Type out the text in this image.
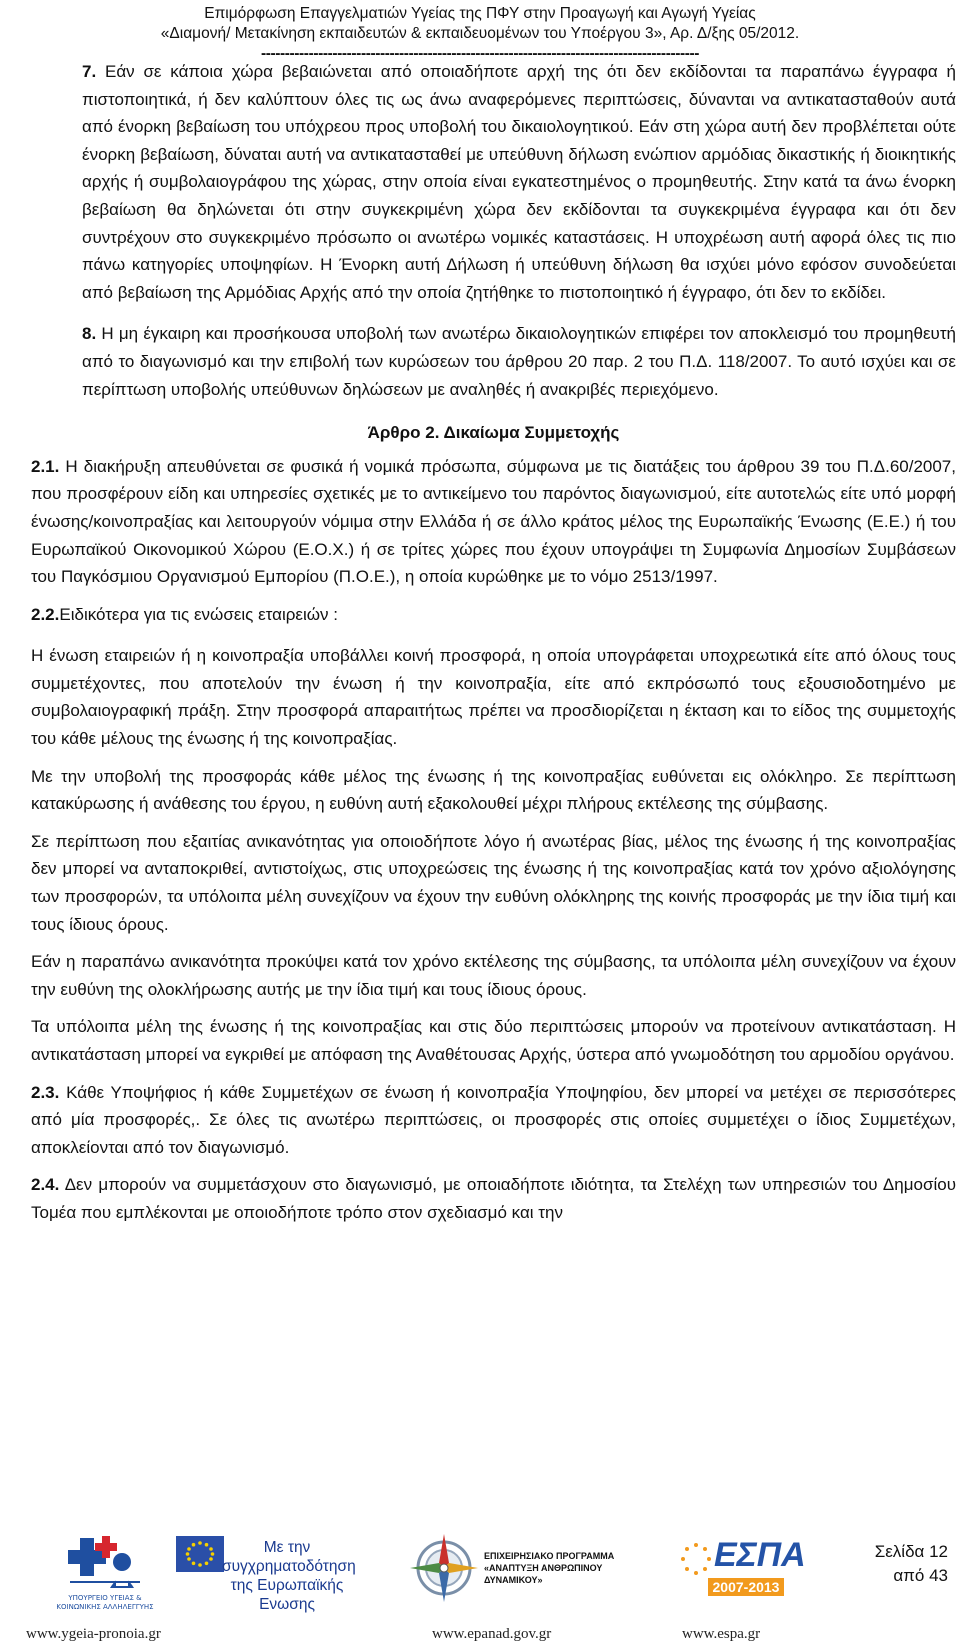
Επιμόρφωση Επαγγελματιών Υγείας της ΠΦΥ στην Προαγωγή και Αγωγή Υγείας
«Διαμονή/ Μετακίνηση εκπαιδευτών & εκπαιδευομένων του Υποέργου 3», Αρ. Δ/ξης 05/2012.
--------------------------------------------------------------------------------------------

7. Εάν σε κάποια χώρα βεβαιώνεται από οποιαδήποτε αρχή της ότι δεν εκδίδονται τα παραπάνω έγγραφα ή πιστοποιητικά, ή δεν καλύπτουν όλες τις ως άνω αναφερόμενες περιπτώσεις, δύνανται να αντικατασταθούν αυτά από ένορκη βεβαίωση του υπόχρεου προς υποβολή του δικαιολογητικού. Εάν στη χώρα αυτή δεν προβλέπεται ούτε ένορκη βεβαίωση, δύναται αυτή να αντικατασταθεί με υπεύθυνη δήλωση ενώπιον αρμόδιας δικαστικής ή διοικητικής αρχής ή συμβολαιογράφου της χώρας, στην οποία είναι εγκατεστημένος ο προμηθευτής. Στην κατά τα άνω ένορκη βεβαίωση θα δηλώνεται ότι στην συγκεκριμένη χώρα δεν εκδίδονται τα συγκεκριμένα έγγραφα και ότι δεν συντρέχουν στο συγκεκριμένο πρόσωπο οι ανωτέρω νομικές καταστάσεις. Η υποχρέωση αυτή αφορά όλες τις πιο πάνω κατηγορίες υποψηφίων. Η Ένορκη αυτή Δήλωση ή υπεύθυνη δήλωση θα ισχύει μόνο εφόσον συνοδεύεται από βεβαίωση της Αρμόδιας Αρχής από την οποία ζητήθηκε το πιστοποιητικό ή έγγραφο, ότι δεν το εκδίδει.

8. Η μη έγκαιρη και προσήκουσα υποβολή των ανωτέρω δικαιολογητικών επιφέρει τον αποκλεισμό του προμηθευτή από το διαγωνισμό και την επιβολή των κυρώσεων του άρθρου 20 παρ. 2 του Π.Δ. 118/2007. Το αυτό ισχύει και σε περίπτωση υποβολής υπεύθυνων δηλώσεων με αναληθές ή ανακριβές περιεχόμενο.

Άρθρο 2. Δικαίωμα Συμμετοχής

2.1. Η διακήρυξη απευθύνεται σε φυσικά ή νομικά πρόσωπα, σύμφωνα με τις διατάξεις του άρθρου 39 του Π.Δ.60/2007, που προσφέρουν είδη και υπηρεσίες σχετικές με το αντικείμενο του παρόντος διαγωνισμού, είτε αυτοτελώς είτε υπό μορφή ένωσης/κοινοπραξίας και λειτουργούν νόμιμα στην Ελλάδα ή σε άλλο κράτος μέλος της Ευρωπαϊκής Ένωσης (Ε.Ε.) ή του Ευρωπαϊκού Οικονομικού Χώρου (Ε.Ο.Χ.) ή σε τρίτες χώρες που έχουν υπογράψει τη Συμφωνία Δημοσίων Συμβάσεων του Παγκόσμιου Οργανισμού Εμπορίου (Π.Ο.Ε.), η οποία κυρώθηκε με το νόμο 2513/1997.

2.2.Ειδικότερα για τις ενώσεις εταιρειών :

Η ένωση εταιρειών ή η κοινοπραξία υποβάλλει κοινή προσφορά, η οποία υπογράφεται υποχρεωτικά είτε από όλους τους συμμετέχοντες, που αποτελούν την ένωση ή την κοινοπραξία, είτε από εκπρόσωπό τους εξουσιοδοτημένο με συμβολαιογραφική πράξη. Στην προσφορά απαραιτήτως πρέπει να προσδιορίζεται η έκταση και το είδος της συμμετοχής του κάθε μέλους της ένωσης ή της κοινοπραξίας.

Με την υποβολή της προσφοράς κάθε μέλος της ένωσης ή της κοινοπραξίας ευθύνεται εις ολόκληρο. Σε περίπτωση κατακύρωσης ή ανάθεσης του έργου, η ευθύνη αυτή εξακολουθεί μέχρι πλήρους εκτέλεσης της σύμβασης.

Σε περίπτωση που εξαιτίας ανικανότητας για οποιοδήποτε λόγο ή ανωτέρας βίας, μέλος της ένωσης ή της κοινοπραξίας δεν μπορεί να ανταποκριθεί, αντιστοίχως, στις υποχρεώσεις της ένωσης ή της κοινοπραξίας κατά τον χρόνο αξιολόγησης των προσφορών, τα υπόλοιπα μέλη συνεχίζουν να έχουν την ευθύνη ολόκληρης της κοινής προσφοράς με την ίδια τιμή και τους ίδιους όρους.

Εάν η παραπάνω ανικανότητα προκύψει κατά τον χρόνο εκτέλεσης της σύμβασης, τα υπόλοιπα μέλη συνεχίζουν να έχουν την ευθύνη της ολοκλήρωσης αυτής με την ίδια τιμή και τους ίδιους όρους.

Τα υπόλοιπα μέλη της ένωσης ή της κοινοπραξίας και στις δύο περιπτώσεις μπορούν να προτείνουν αντικατάσταση. Η αντικατάσταση μπορεί να εγκριθεί με απόφαση της Αναθέτουσας Αρχής, ύστερα από γνωμοδότηση του αρμοδίου οργάνου.

2.3. Κάθε Υποψήφιος ή κάθε Συμμετέχων σε ένωση ή κοινοπραξία Υποψηφίου, δεν μπορεί να μετέχει σε περισσότερες από μία προσφορές,. Σε όλες τις ανωτέρω περιπτώσεις, οι προσφορές στις οποίες συμμετέχει ο ίδιος Συμμετέχων, αποκλείονται από τον διαγωνισμό.

2.4. Δεν μπορούν να συμμετάσχουν στο διαγωνισμό, με οποιαδήποτε ιδιότητα, τα Στελέχη των υπηρεσιών του Δημοσίου Τομέα που εμπλέκονται με οποιοδήποτε τρόπο στον σχεδιασμό και την

ΥΠΟΥΡΓΕΙΟ ΥΓΕΙΑΣ & ΚΟΙΝΩΝΙΚΗΣ ΑΛΛΗΛΕΓΓΥΗΣ
www.ygeia-pronoia.gr
Με την
συγχρηματοδότηση
της Ευρωπαϊκής
Ενωσης
ΕΠΙΧΕΙΡΗΣΙΑΚΟ ΠΡΟΓΡΑΜΜΑ
«ΑΝΑΠΤΥΞΗ ΑΝΘΡΩΠΙΝΟΥ ΔΥΝΑΜΙΚΟΥ»
www.epanad.gov.gr
ΕΣΠΑ
2007-2013
www.espa.gr
Σελίδα 12
από 43
